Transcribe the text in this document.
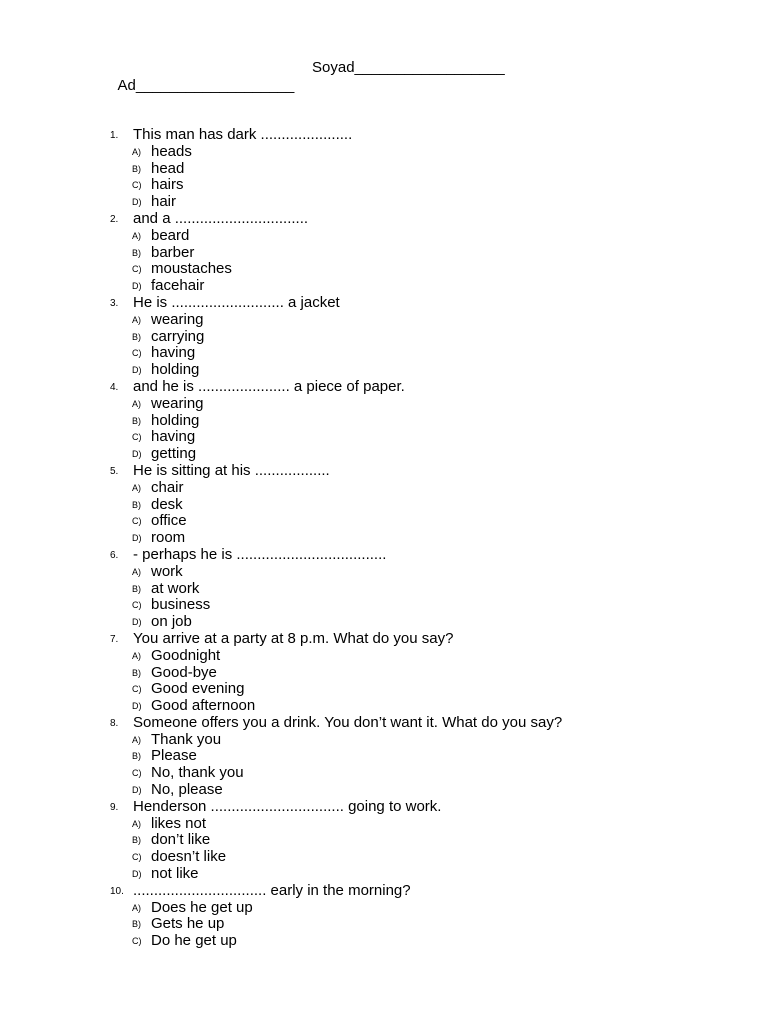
Ad___________________

Soyad__________________

1. This man has dark ......................
A) heads
B) head
C) hairs
D) hair
2. and a ................................
A) beard
B) barber
C) moustaches
D) facehair
3. He is ........................... a jacket
A) wearing
B) carrying
C) having
D) holding
4. and he is ...................... a piece of paper.
A) wearing
B) holding
C) having
D) getting
5. He is sitting at his ..................
A) chair
B) desk
C) office
D) room
6. - perhaps he is ....................................
A) work
B) at work
C) business
D) on job
7. You arrive at a party at 8 p.m. What do you say?
A) Goodnight
B) Good-bye
C) Good evening
D) Good afternoon
8. Someone offers you a drink. You don’t want it. What do you say?
A) Thank you
B) Please
C) No, thank you
D) No, please
9. Henderson ................................ going to work.
A) likes not
B) don’t like
C) doesn’t like
D) not like
10. ................................ early in the morning?
A) Does he get up
B) Gets he up
C) Do he get up
